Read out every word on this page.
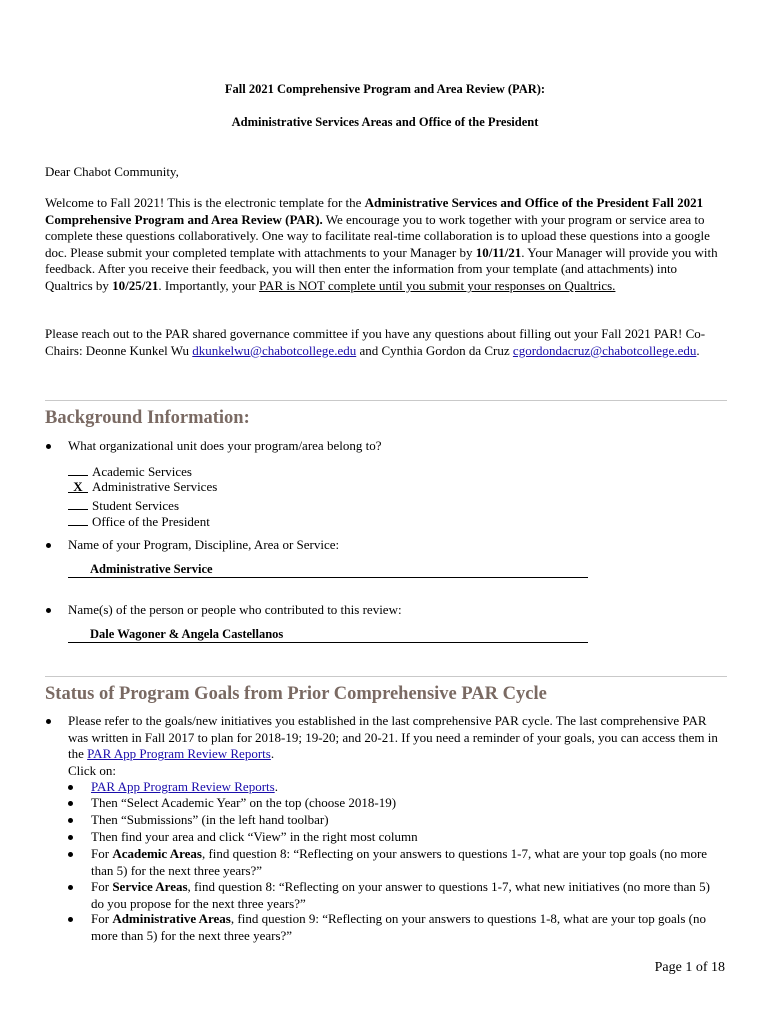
Fall 2021 Comprehensive Program and Area Review (PAR):
Administrative Services Areas and Office of the President
Dear Chabot Community,
Welcome to Fall 2021! This is the electronic template for the Administrative Services and Office of the President Fall 2021 Comprehensive Program and Area Review (PAR). We encourage you to work together with your program or service area to complete these questions collaboratively. One way to facilitate real-time collaboration is to upload these questions into a google doc. Please submit your completed template with attachments to your Manager by 10/11/21. Your Manager will provide you with feedback. After you receive their feedback, you will then enter the information from your template (and attachments) into Qualtrics by 10/25/21. Importantly, your PAR is NOT complete until you submit your responses on Qualtrics.
Please reach out to the PAR shared governance committee if you have any questions about filling out your Fall 2021 PAR! Co-Chairs: Deonne Kunkel Wu dkunkelwu@chabotcollege.edu and Cynthia Gordon da Cruz cgordondacruz@chabotcollege.edu.
Background Information:
What organizational unit does your program/area belong to?
Academic Services
X Administrative Services
Student Services
Office of the President
Name of your Program, Discipline, Area or Service:
Administrative Service
Name(s) of the person or people who contributed to this review:
Dale Wagoner & Angela Castellanos
Status of Program Goals from Prior Comprehensive PAR Cycle
Please refer to the goals/new initiatives you established in the last comprehensive PAR cycle. The last comprehensive PAR was written in Fall 2017 to plan for 2018-19; 19-20; and 20-21. If you need a reminder of your goals, you can access them in the PAR App Program Review Reports.
Click on:
PAR App Program Review Reports.
Then “Select Academic Year” on the top (choose 2018-19)
Then “Submissions” (in the left hand toolbar)
Then find your area and click “View” in the right most column
For Academic Areas, find question 8: “Reflecting on your answers to questions 1-7, what are your top goals (no more than 5) for the next three years?”
For Service Areas, find question 8: “Reflecting on your answer to questions 1-7, what new initiatives (no more than 5) do you propose for the next three years?”
For Administrative Areas, find question 9: “Reflecting on your answers to questions 1-8, what are your top goals (no more than 5) for the next three years?”
Page 1 of 18
